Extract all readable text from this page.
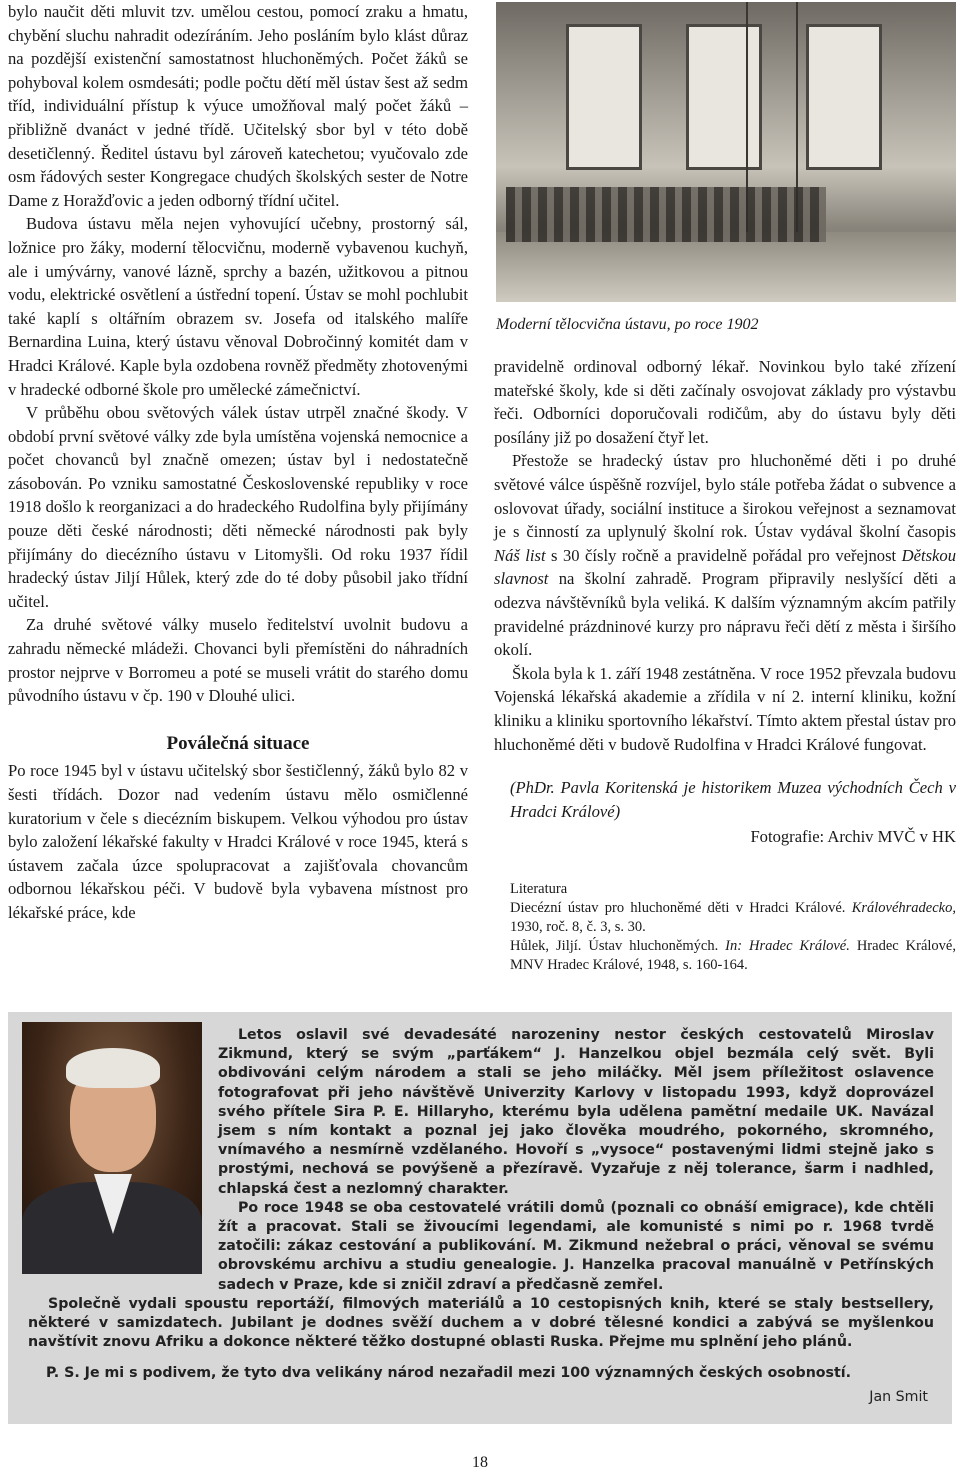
bylo naučit děti mluvit tzv. umělou cestou, pomocí zraku a hmatu, chybění sluchu nahradit odezíráním. Jeho posláním bylo klást důraz na pozdější existenční samostatnost hluchoněmých. Počet žáků se pohyboval kolem osmdesáti; podle počtu dětí měl ústav šest až sedm tříd, individuální přístup k výuce umožňoval malý počet žáků – přibližně dvanáct v jedné třídě. Učitelský sbor byl v této době desetičlenný. Ředitel ústavu byl zároveň katechetou; vyučovalo zde osm řádových sester Kongregace chudých školských sester de Notre Dame z Horažďovic a jeden odborný třídní učitel.

Budova ústavu měla nejen vyhovující učebny, prostorný sál, ložnice pro žáky, moderní tělocvičnu, moderně vybavenou kuchyň, ale i umývárny, vanové lázně, sprchy a bazén, užitkovou a pitnou vodu, elektrické osvětlení a ústřední topení. Ústav se mohl pochlubit také kaplí s oltářním obrazem sv. Josefa od italského malíře Bernardina Luina, který ústavu věnoval Dobročinný komitét dam v Hradci Králové. Kaple byla ozdobena rovněž předměty zhotovenými v hradecké odborné škole pro umělecké zámečnictví.

V průběhu obou světových válek ústav utrpěl značné škody. V období první světové války zde byla umístěna vojenská nemocnice a počet chovanců byl značně omezen; ústav byl i nedostatečně zásobován. Po vzniku samostatné Československé republiky v roce 1918 došlo k reorganizaci a do hradeckého Rudolfina byly přijímány pouze děti české národnosti; děti německé národnosti pak byly přijímány do diecézního ústavu v Litomyšli. Od roku 1937 řídil hradecký ústav Jiljí Hůlek, který zde do té doby působil jako třídní učitel.

Za druhé světové války muselo ředitelství uvolnit budovu a zahradu německé mládeži. Chovanci byli přemístěni do náhradních prostor nejprve v Borromeu a poté se museli vrátit do starého domu původního ústavu v čp. 190 v Dlouhé ulici.

Poválečná situace

Po roce 1945 byl v ústavu učitelský sbor šestičlenný, žáků bylo 82 v šesti třídách. Dozor nad vedením ústavu mělo osmičlenné kuratorium v čele s diecézním biskupem. Velkou výhodou pro ústav bylo založení lékařské fakulty v Hradci Králové v roce 1945, která s ústavem začala úzce spolupracovat a zajišťovala chovancům odbornou lékařskou péči. V budově byla vybavena místnost pro lékařské práce, kde

Moderní tělocvična ústavu, po roce 1902

pravidelně ordinoval odborný lékař. Novinkou bylo také zřízení mateřské školy, kde si děti začínaly osvojovat základy pro výstavbu řeči. Odborníci doporučovali rodičům, aby do ústavu byly děti posílány již po dosažení čtyř let.

Přestože se hradecký ústav pro hluchoněmé děti i po druhé světové válce úspěšně rozvíjel, bylo stále potřeba žádat o subvence a oslovovat úřady, sociální instituce a širokou veřejnost a seznamovat je s činností za uplynulý školní rok. Ústav vydával školní časopis Náš list s 30 čísly ročně a pravidelně pořádal pro veřejnost Dětskou slavnost na školní zahradě. Program připravily neslyšící děti a odezva návštěvníků byla veliká. K dalším významným akcím patřily pravidelné prázdninové kurzy pro nápravu řeči dětí z města i širšího okolí.

Škola byla k 1. září 1948 zestátněna. V roce 1952 převzala budovu Vojenská lékařská akademie a zřídila v ní 2. interní kliniku, kožní kliniku a kliniku sportovního lékařství. Tímto aktem přestal ústav pro hluchoněmé děti v budově Rudolfina v Hradci Králové fungovat.

(PhDr. Pavla Koritenská je historikem Muzea východních Čech v Hradci Králové)

Fotografie: Archiv MVČ v HK

Literatura

Diecézní ústav pro hluchoněmé děti v Hradci Králové. Královéhradecko, 1930, roč. 8, č. 3, s. 30.

Hůlek, Jiljí. Ústav hluchoněmých. In: Hradec Králové. Hradec Králové, MNV Hradec Králové, 1948, s. 160-164.

Letos oslavil své devadesáté narozeniny nestor českých cestovatelů Miroslav Zikmund, který se svým „parťákem“ J. Hanzelkou objel bezmála celý svět. Byli obdivováni celým národem a stali se jeho miláčky. Měl jsem příležitost oslavence fotografovat při jeho návštěvě Univerzity Karlovy v listopadu 1993, když doprovázel svého přítele Sira P. E. Hillaryho, kterému byla udělena pamětní medaile UK. Navázal jsem s ním kontakt a poznal jej jako člověka moudrého, pokorného, skromného, vnímavého a nesmírně vzdělaného. Hovoří s „vysoce“ postavenými lidmi stejně jako s prostými, nechová se povýšeně a přezíravě. Vyzařuje z něj tolerance, šarm i nadhled, chlapská čest a nezlomný charakter.

Po roce 1948 se oba cestovatelé vrátili domů (poznali co obnáší emigrace), kde chtěli žít a pracovat. Stali se živoucími legendami, ale komunisté s nimi po r. 1968 tvrdě zatočili: zákaz cestování a publikování. M. Zikmund nežebral o práci, věnoval se svému obrovskému archivu a studiu genealogie. J. Hanzelka pracoval manuálně v Petřínských sadech v Praze, kde si zničil zdraví a předčasně zemřel.

Společně vydali spoustu reportáží, filmových materiálů a 10 cestopisných knih, které se staly bestsellery, některé v samizdatech. Jubilant je dodnes svěží duchem a v dobré tělesné kondici a zabývá se myšlenkou navštívit znovu Afriku a dokonce některé těžko dostupné oblasti Ruska. Přejme mu splnění jeho plánů.

P. S. Je mi s podivem, že tyto dva velikány národ nezařadil mezi 100 významných českých osobností.

Jan Smit

18
